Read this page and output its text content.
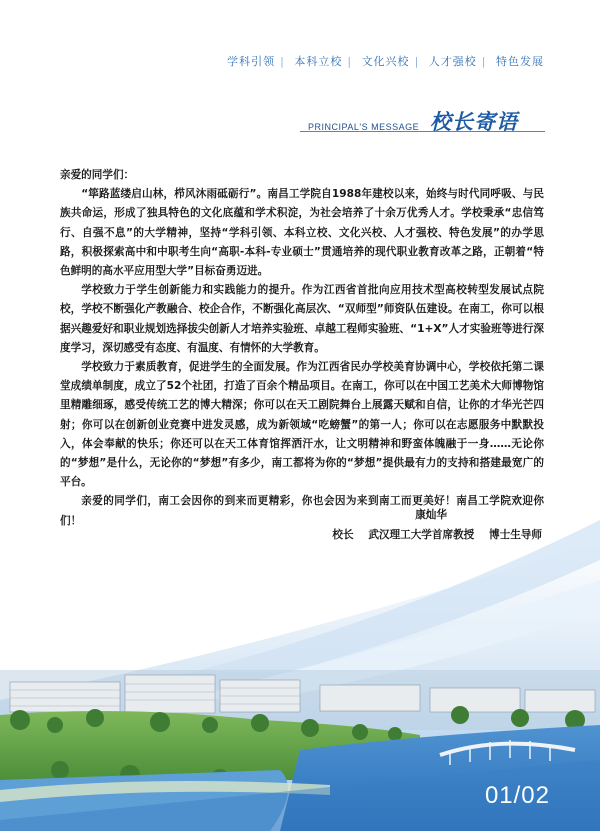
学科引领 | 本科立校 | 文化兴校 | 人才强校 | 特色发展
PRINCIPAL'S MESSAGE 校长寄语

亲爱的同学们：

“筚路蓝缕启山林，栉风沐雨砥砺行”。南昌工学院自1988年建校以来，始终与时代同呼吸、与民族共命运，形成了独具特色的文化底蕴和学术积淀，为社会培养了十余万优秀人才。学校秉承“忠信笃行、自强不息”的大学精神，坚持“学科引领、本科立校、文化兴校、人才强校、特色发展”的办学思路，积极探索高中和中职考生向“高职-本科-专业硕士”贯通培养的现代职业教育改革之路，正朝着“特色鲜明的高水平应用型大学”目标奋勇迈进。

学校致力于学生创新能力和实践能力的提升。作为江西省首批向应用技术型高校转型发展试点院校，学校不断强化产教融合、校企合作，不断强化高层次、“双师型”师资队伍建设。在南工，你可以根据兴趣爱好和职业规划选择拔尖创新人才培养实验班、卓越工程师实验班、“1+X”人才实验班等进行深度学习，深切感受有态度、有温度、有情怀的大学教育。

学校致力于素质教育，促进学生的全面发展。作为江西省民办学校美育协调中心，学校依托第二课堂成绩单制度，成立了52个社团，打造了百余个精品项目。在南工，你可以在中国工艺美术大师博物馆里精雕细琢，感受传统工艺的博大精深；你可以在天工剧院舞台上展露天赋和自信，让你的才华光芒四射；你可以在创新创业竞赛中进发灵感，成为新领域“吃螃蟹”的第一人；你可以在志愿服务中默默投入，体会奉献的快乐；你还可以在天工体育馆挥洒汗水，让文明精神和野蛮体魄融于一身……无论你的“梦想”是什么，无论你的“梦想”有多少，南工都将为你的“梦想”提供最有力的支持和搭建最宽广的平台。

亲爱的同学们，南工会因你的到来而更精彩，你也会因为来到南工而更美好！南昌工学院欢迎你们！	康灿华
校长    武汉理工大学首席教授    博士生导师
01/02
